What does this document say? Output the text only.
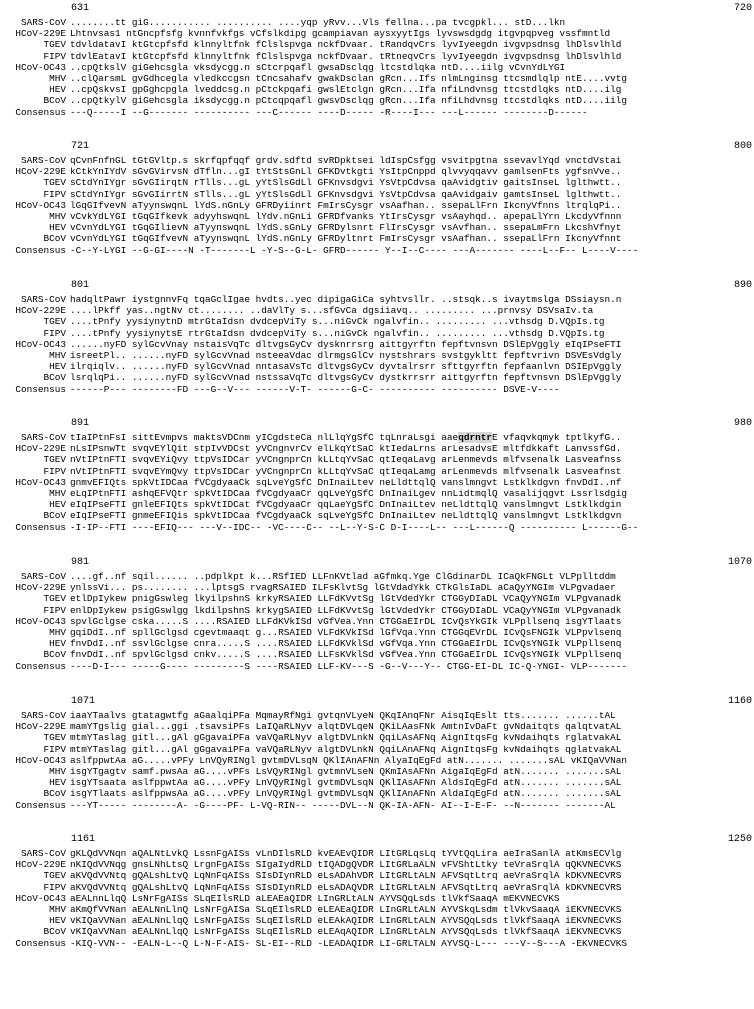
631	720
SARS-CoV ........tt giG........... .......... ....yqp yRvv...Vls fellna...pa tvcgpkl... stD...lkn
HCoV-229E Lhtnvsas1 ntGncpfsfg kvnnfvkfgs vCfslkdipg gcampiavan aysxyytIgs lyvswsdgdg itgvpqpveg vssfmntld
TGEV tdvldatavI ktGtcpfsfd klnnyltfnk fClslspvga nckfDvaar. tRandqvCrs lyvIyeegdn ivgvpsdnsg lhDlsvlhld
FIPV tdvlEatavI ktGtcpfsfd klnnyltfnk fClslspvga nckfDvaar. tRtneqvCrs lyvIyeegdn ivgvpsdnsg lhDlsvlhld
HCoV-OC43 ..cpQtkslV giGehcsgla vksdycgg.n sCtcrpqafl gwsaDsclqg ltcstdlqka ntD....iilg vCvnYdLYGI
MHV ..clQarsmL gvGdhcegla vledkccgsn tCncsahafv gwakDsclan gRcn...Ifs nlmLnginsg ttcsmdlqlp ntE....vvtg
HEV ..cpQskvsI gpGghcpgla lveddcsg.n pCtckpqafi gwslEtclgn gRcn...Ifa nfiLndvnsg ttcstdlqks ntD....ilg
BCoV ..cpQtkylV giGehcsgla iksdycgg.n pCtcqpqafl gwsvDsclqg gRcn...Ifa nfiLhdvnsg ttcstdlqks ntD....iilg
Consensus ---Q-----I --G------- ---------- ---C------ ----D----- -R----I--- ---L------ --------D------
721	800
SARS-CoV qCvnFnfnGL tGtGVltp.s skrfqpfqqf grdv.sdftd svRDpktsei ldIspCsfgg vsvitpgtna ssevavlYqd vnctdVstai
HCoV-229E kCtkYnIYdV sGvGVirvsN dTfln...gI tYtStsGnLl GFKDvtkgti YsItpCnppd qlvvyqqavv gamlsenFts ygfsnVve..
TGEV sCtdYnIYgr sGvGIirqtN rTlls...gL yYtSlsGdLl GFKnvsdgvi YsVtpCdvsa qaAvidgtiv gaitsInseL lglthwtt..
FIPV sCtdYnIYgr sGvGIirrtN sTlls...gL yYtSlsGdLl GFKnvsdgvi YsVtpCdvsa qaAvidgaiv gamtsInseL lglthwtt..
HCoV-OC43 lGqGIfvevN aTyynswqnL lYdS.nGnLy GFRDyiinrt FmIrsCysgr vsAafhan.. ssepaLlFrn IkcnyVfnns ltrqlqPi..
MHV vCvkYdLYGI tGqGIfkevk adyyhswqnL lYdv.nGnLi GFRDfvanks YtIrsCysgr vsAayhqd.. apepaLlYrn LkcdyVfnnn
HEV vCvnYdLYGI tGqGIlievN aTyynswqnL lYdS.sGnLy GFRDylsnrt FlIrsCysgr vsAvfhan.. ssepaLmFrn LkcshVfnyt
BCoV vCvnYdLYGI tGqGIfvevN aTyynswqnL lYdS.nGnLy GFRDyltnrt FmIrsCysgr vsAafhan.. ssepaLlFrn IkcnyVfnnt
Consensus -C--Y-LYGI --G-GI----N -T-------L -Y-S--G-L- GFRD------ Y--I--C---- ---A------- ----L--F-- L----V----
801	890
SARS-CoV hadqltPawr iystgnnvFq tqaGclIgae hvdts..yec dipigaGiCa syhtvsllr. ..stsqk..s ivaytmslga DSsiaysn.n
HCoV-229E ....lPkff yas..ngtNv ct........ ..daVlTy s...sfGvCa dgsiiavq.. ......... ...prnvsy DSVsaIv.ta
TGEV ....tPnfy yysiynytnD mtrGtaIdsn dvdcepViTy s...niGvCk ngalvfin.. ......... ...vthsdg D.VQpIs.tg
FIPV ....tPnfy yysiynytsE rtrGtaIdsn dvdcepViTy s...niGvCk ngalvfin.. ......... ...vthsdg D.VQpIs.tg
HCoV-OC43 ......nyFD sylGcvVnay nstaisVqTc dltvgsGyCv dysknrrsrg aittgyrftn fepftvnsvn DSlEpVggly eIqIPseFTI
MHV isreetPl.. ......nyFD sylGcvVnad nsteeaVdac dlrmgsGlCv nystshrars svstgykltt fepftvrivn DSVEsVdgly
HEV ilrqiqlv.. ......nyFD sylGcvVnad nntasaVsTc dltvgsGyCv dyvtalrsrr sfttgyrftn fepfaanlvn DSIEpVggly
BCoV lsrqlqPi.. ......nyFD sylGcvVnad nstssaVqTc dltvgsGyCv dystkrrsrr aittgyrftn fepftvnsvn DSlEpVggly
Consensus ------P--- --------FD ---G--V--- ------V-T- ------G-C- ---------- ---------- DSVE-V----
891	980
SARS-CoV tIaIPtnFsI sittEvmpvs maktsVDCnm yICgdsteCa nlLlqYgSfC tqLnraLsgi aaeqdrntrE vfaqvkqmyk tptlkyfG..
HCoV-229E nLsIPsnwTt svqvEYlQit stpIvVDCst yVCngnvrCv elLkqYtSaC ktIedaLrns arLesadvsE mltfdkkaft LanvssfGd.
TGEV nVtIPtnFTI svqvEYiQvy ttpVsIDCar yVCngnprCn kLLtqYvSaC qtIeqaLavg arLenmevds mlfvsenalk Lasveafnss
FIPV nVtIPtnFTI svqvEYmQvy ttpVsIDCar yVCngnprCn kLLtqYvSaC qtIeqaLamg arLenmevds mlfvsenalk Lasveafnst
HCoV-OC43 gnmvEFIQts spkVtIDCaa fVCgdyaaCk sqLveYgSfC DnInaiLtev neLldttqlQ vanslmngvt Lstklkdgvn fnvDdI..nf
MHV eLqIPtnFTI ashqEFVQtr spkVtIDCaa fVCgdyaaCr qqLveYgSfC DnInaiLgev nnLidtmqlQ vasalijqgvt Lssrlsdgig
HEV eIqIPseFTI gnleEFIQts spkVtIDCat fVCgdyaaCr qqLaeYgSfC DnInaiLtev neLldttqlQ vanslmngvt Lstklkdgin
BCoV eIqIPseFTI gnmeEFIQis spkVtIDCaa fVCgdyaaCk sqLveYgSfC DnInaiLtev neLldttqlQ vanslmngvt Lstklkdgvn
Consensus -I-IP--FTI ----EFIQ--- ---V--IDC-- -VC----C-- --L--Y-S-C D-I----L-- ---L------Q ---------- L------G--
981	1070
SARS-CoV ....gf..nf sqil...... ..pdplkpt k...RSfIED LLFnKVtlad aGfmkq.Yge ClGdinarDL ICaQkFNGLt VLPplltddm
HCoV-229E ynlssVi... ps........ ...lptsgS rvagRSAIED ILFsKlvtSg lGtVdadYkk CTkGlsIaDL aCaQyYNGIm VLPgvadaer
TGEV etlDpIykew pnigGswleg lkyilpshnS krkyRSAIED LLFdKVvtSg lGtVdedYkr CTGGyDIaDL VCaQyYNGIm VLPgvanadk
FIPV enlDpIykew psigGswlgg lkdilpshnS krkygSAIED LLFdKVvtSg lGtVdedYkr CTGGyDIaDL VCaQyYNGIm VLPgvanadk
HCoV-OC43 spvlGclgse cska.....S ....RSAIED LLFdKVkISd vGfVea.Ynn CTGGaEIrDL ICvQsYkGIk VLPpllsenq isgYTlaats
MHV gqiDdI..nf spllGclgsd cgevtmaaqt g...RSAIED VLFdKVkISd lGfVqa.Ynn CTGGqEVrDL ICvQsFNGIk VLPpvlsenq
HEV fnvDdI..nf ssvlGclgse cnra.....S ....RSAIED LLFdKVklSd vGfVqa.Ynn CTGGaEIrDL ICvQsYNGIk VLPpllsenq
BCoV fnvDdI..nf spvlGclgsd cnkv.....S ....RSAIED LLFsKVklSd vGfVea.Ynn CTGGaEIrDL ICvQsYNGIk VLPpllsenq
Consensus ----D-I--- -----G---- ---------S ----RSAIED LLF-KV---S -G--V---Y-- CTGG-EI-DL IC-Q-YNGI- VLP-------
1071	1160
SARS-CoV iaaYTaalvs gtatagwtfg aGaalqiPFa MqmayRfNgi gvtqnVLyeN QKqIAnqFNr AisqIqEslt tts....... ......tAL
HCoV-229E mamYTgslig gial...ggi .tsavsiPFs LaIQaRLNyv alqtDVLqeN QKiLAasFNk AmtnIvDaFt gvNdaitqts qalqtvatAL
TGEV mtmYTaslag gitl...gAl gGgavaiPFa vaVQaRLNyv algtDVLnkN QqiLAsAFNq AignItqsFg kvNdaihqts rglatvakAL
FIPV mtmYTaslag gitl...gAl gGgavaiPFa vaVQaRLNyv algtDVLnkN QqiLAnAFNq AignItqsFg kvNdaihqts qglatvakAL
HCoV-OC43 aslfppwtAa aG.....vPFy LnVQyRINgl gvtmDVLsqN QKlIAnAFNn AlyaIqEgFd atN....... .......sAL vKIQaVVNan
MHV isgYTgagtv samf.pwsAa aG....vPFs LsVQyRINgl gvtmnVLseN QKmIAsAFNn AigaIqEgFd atN....... .......sAL
HEV isgYTsaata aslfppwtAa aG....vPFy LnVQyRINgl gvtmDVLsqN QKlIAsAFNn AldsIqEgFd atN....... .......sAL
BCoV isgYTlaats aslfppwsAa aG....vPFy LnVQyRINgl gvtmDVLsqN QKlIAnAFNn AldaIqEgFd atN....... .......sAL
Consensus ---YT----- --------A- -G----PF- L-VQ-RIN-- -----DVL--N QK-IA-AFN- AI--I-E-F- --N------- -------AL
1161	1250
SARS-CoV gKLQdVVNqn aQALNtLvkQ LssnFgAISs vLnDIlsRLD kvEAEvQIDR LItGRLqsLq tYVtQqLira aeIraSanlA atKmsECVlg
HCoV-229E nKIQdVVNqg gnsLNhLtsQ LrgnFgAISs SIgaIydRLD tIQADgQVDR LItGRLaALN vFVShtLtky teVraSrqlA qQKVNECVKS
TGEV aKVQdVVNtq gQALshLtvQ LqNnFqAISs SIsDIynRLD eLsADAhVDR LItGRLtALN AFVSqtLtrq aeVraSrqlA kDKVNECVRS
FIPV aKVQdVVNtq gQALshLtvQ LqNnFqAISs SIsDIynRLD eLsADAQVDR LItGRLtALN AFVSqtLtrq aeVraSrqlA kDKVNECVRS
HCoV-OC43 aEALnnLlqQ LsNrFgAISs SLqEIlsRLD aLEAEaQIDR LInGRLtALN AYVSQqLsds tlVkfSaaqA mEKVNECVKS
MHV aKmQfVVNan aEALNnLlnQ LsNrFgAISa SLqEIlsRLD eLEAEaQIDR LInGRLtALN AYVSkqLsdm tlVkvSaaqA iEKVNECVKS
HEV vKIQaVVNan aEALNnLlqQ LsNrFgAISs SLqEIlsRLD eLEAkAQIDR LInGRLtALN AYVSQqLsds tlVkfSaaqA iEKVNECVKS
BCoV vKIQaVVNan aEALNnLlqQ LsNrFgAISs SLqEIlsRLD eLEAqAQIDR LInGRLtALN AYVSQqLsds tlVkfSaaqA iEKVNECVKS
Consensus -KIQ-VVN-- -EALN-L--Q L-N-F-AIS- SL-EI--RLD -LEADAQIDR LI-GRLTALN AYVSQ-L--- ---V--S---A -EKVNECVKS
